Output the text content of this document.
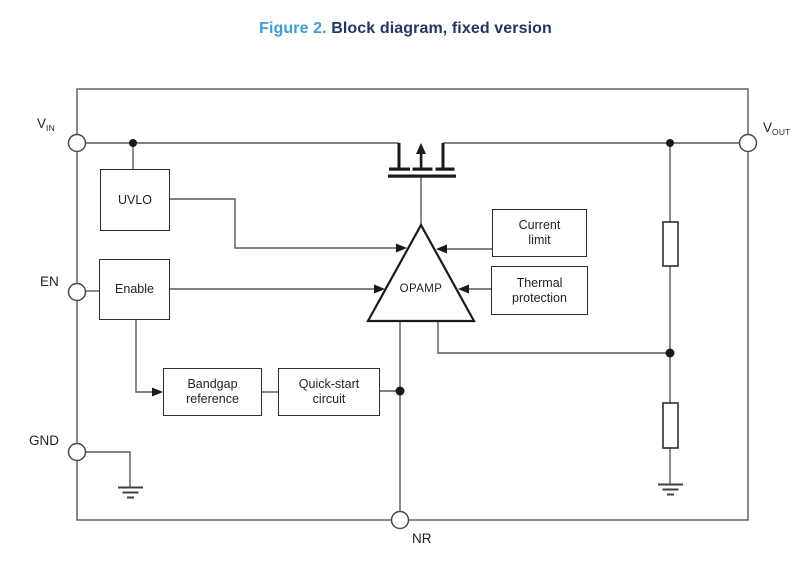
Figure 2. Block diagram, fixed version
UVLO
Enable
Bandgap
reference
Quick-start
circuit
Current
limit
Thermal
protection
OPAMP
$V_{IN}$	$V_{OUT}$
EN
GND
NR
